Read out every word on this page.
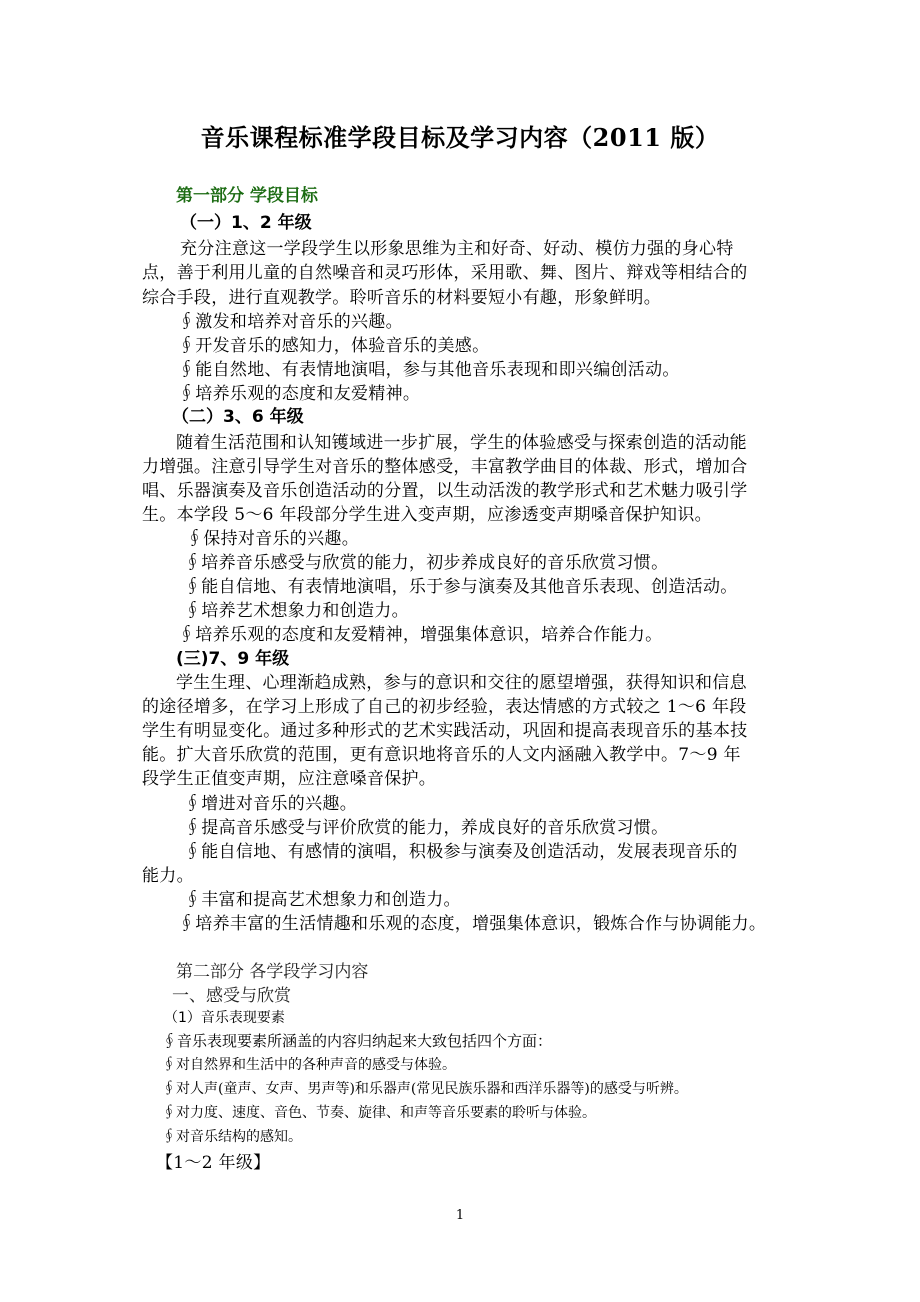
音乐课程标准学段目标及学习内容（2011 版）
第一部分 学段目标
（一）1、2 年级
充分注意这一学段学生以形象思维为主和好奇、好动、模仿力强的身心特
点，善于利用儿童的自然噪音和灵巧形体，采用歌、舞、图片、辩戏等相结合的
综合手段，进行直观教学。聆听音乐的材料要短小有趣，形象鲜明。
∮激发和培养对音乐的兴趣。
∮开发音乐的感知力，体验音乐的美感。
∮能自然地、有表情地演唱，参与其他音乐表现和即兴编创活动。
∮培养乐观的态度和友爱精神。
（二）3、6 年级
随着生活范围和认知镬域进一步扩展，学生的体验感受与探索创造的活动能
力增强。注意引导学生对音乐的整体感受，丰富教学曲目的体裁、形式，增加合
唱、乐器演奏及音乐创造活动的分置，以生动活泼的教学形式和艺术魅力吸引学
生。本学段 5～6 年段部分学生进入变声期，应渗透变声期嗓音保护知识。
∮保持对音乐的兴趣。
∮培养音乐感受与欣赏的能力，初步养成良好的音乐欣赏习惯。
∮能自信地、有表情地演唱，乐于参与演奏及其他音乐表现、创造活动。
∮培养艺术想象力和创造力。
∮培养乐观的态度和友爱精神，增强集体意识，培养合作能力。
(三)7、9 年级
学生生理、心理渐趋成熟，参与的意识和交往的愿望增强，获得知识和信息
的途径增多，在学习上形成了自己的初步经验，表达情感的方式较之 1～6 年段
学生有明显变化。通过多种形式的艺术实践活动，巩固和提高表现音乐的基本技
能。扩大音乐欣赏的范围，更有意识地将音乐的人文内涵融入教学中。7～9 年
段学生正值变声期，应注意嗓音保护。
∮增进对音乐的兴趣。
∮提高音乐感受与评价欣赏的能力，养成良好的音乐欣赏习惯。
∮能自信地、有感情的演唱，积极参与演奏及创造活动，发展表现音乐的
能力。
∮丰富和提高艺术想象力和创造力。
∮培养丰富的生活情趣和乐观的态度，增强集体意识，锻炼合作与协调能力。
第二部分 各学段学习内容
一、感受与欣赏
（1）音乐表现要素
∮音乐表现要素所涵盖的内容归纳起来大致包括四个方面：
∮对自然界和生活中的各种声音的感受与体验。
∮对人声(童声、女声、男声等)和乐器声(常见民族乐器和西洋乐器等)的感受与听辨。
∮对力度、速度、音色、节奏、旋律、和声等音乐要素的聆听与体验。
∮对音乐结构的感知。
【1～2 年级】
1
